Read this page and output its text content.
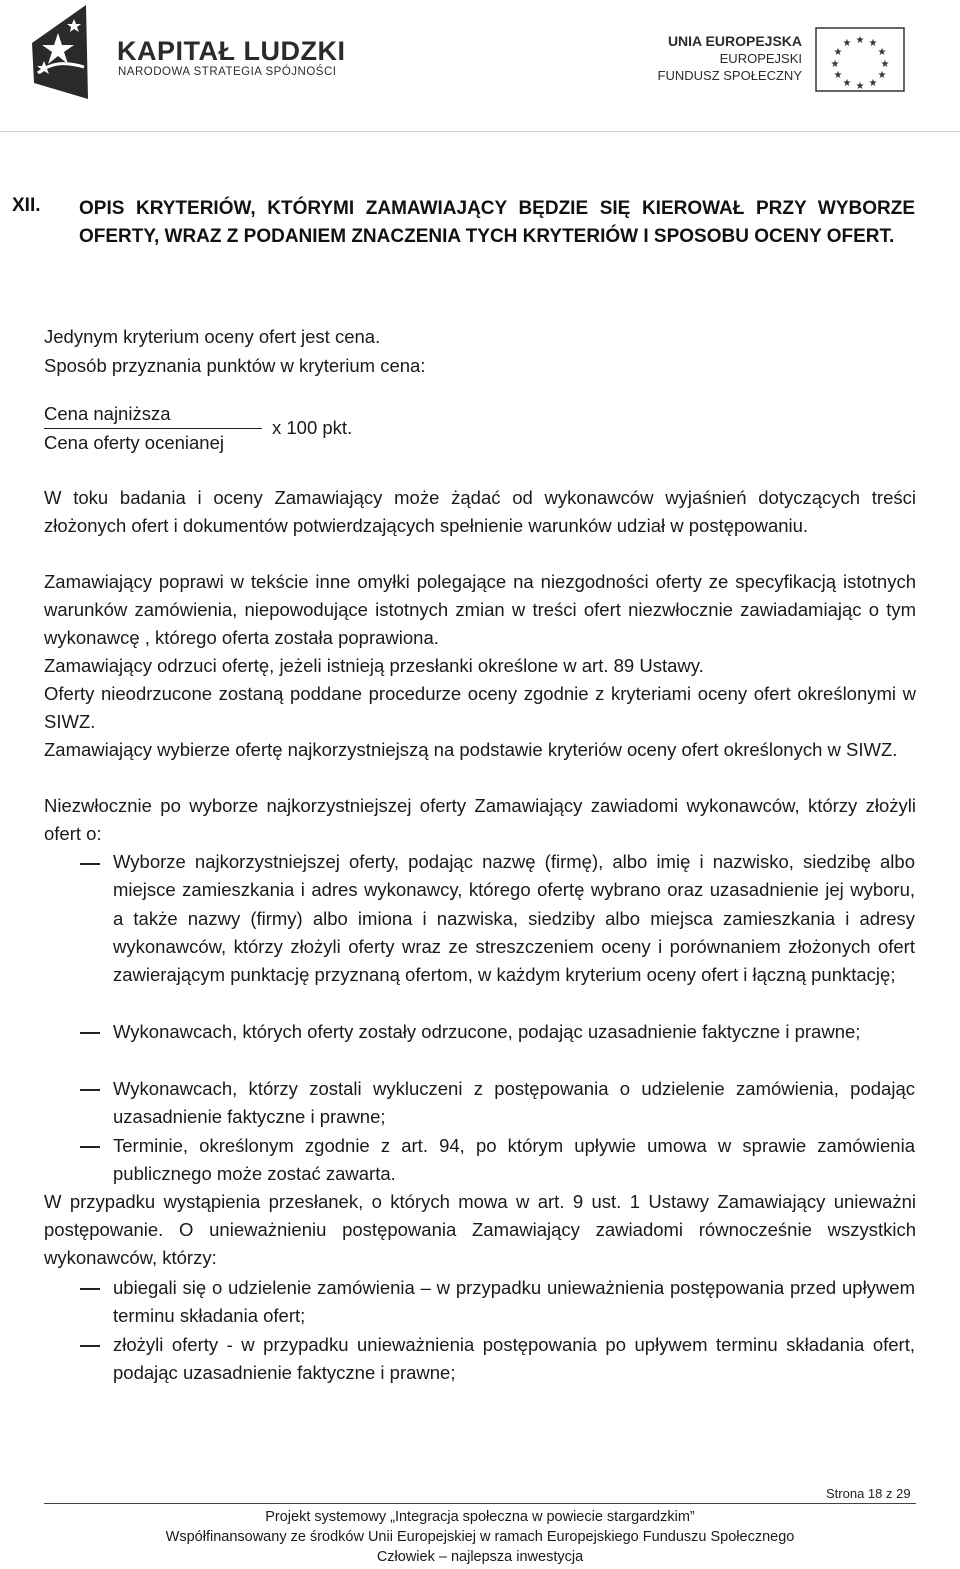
KAPITAŁ LUDZKI
NARODOWA STRATEGIA SPÓJNOŚCI
UNIA EUROPEJSKA
EUROPEJSKI
FUNDUSZ SPOŁECZNY
★ ★
★
★
★
★
★
★
★
★
★
★
XII. OPIS KRYTERIÓW, KTÓRYMI ZAMAWIAJĄCY BĘDZIE SIĘ KIEROWAŁ PRZY WYBORZE OFERTY, WRAZ Z PODANIEM ZNACZENIA TYCH KRYTERIÓW I SPOSOBU OCENY OFERT.
Jedynym kryterium oceny ofert jest cena.
Sposób przyznania punktów w kryterium cena:
Cena najniższa
Cena oferty ocenianej
x 100 pkt.
W toku badania i oceny Zamawiający może żądać od wykonawców wyjaśnień dotyczących treści złożonych ofert i dokumentów potwierdzających spełnienie warunków udział w postępowaniu.
Zamawiający poprawi w tekście inne omyłki polegające na niezgodności oferty ze specyfikacją istotnych warunków zamówienia, niepowodujące istotnych zmian w treści ofert niezwłocznie zawiadamiając o tym wykonawcę , którego oferta została poprawiona.
Zamawiający odrzuci ofertę, jeżeli istnieją przesłanki określone w art. 89 Ustawy.
Oferty nieodrzucone zostaną poddane procedurze oceny zgodnie z kryteriami oceny ofert określonymi w SIWZ.
Zamawiający wybierze ofertę najkorzystniejszą na podstawie kryteriów oceny ofert określonych w SIWZ.
Niezwłocznie po wyborze najkorzystniejszej oferty Zamawiający zawiadomi wykonawców, którzy złożyli ofert o:
Wyborze najkorzystniejszej oferty, podając nazwę (firmę), albo imię i nazwisko, siedzibę albo miejsce zamieszkania i adres wykonawcy, którego ofertę wybrano oraz uzasadnienie jej wyboru, a także nazwy (firmy) albo imiona i nazwiska, siedziby albo miejsca zamieszkania i adresy wykonawców, którzy złożyli oferty wraz ze streszczeniem oceny i porównaniem złożonych ofert zawierającym punktację przyznaną ofertom, w każdym kryterium oceny ofert i łączną punktację;
Wykonawcach, których oferty zostały odrzucone, podając uzasadnienie faktyczne i prawne;
Wykonawcach, którzy zostali wykluczeni z postępowania o udzielenie zamówienia, podając uzasadnienie faktyczne i prawne;
Terminie, określonym zgodnie z art. 94, po którym upływie umowa w sprawie zamówienia publicznego może zostać zawarta.
W przypadku wystąpienia przesłanek, o których mowa w art. 9 ust. 1 Ustawy Zamawiający unieważni postępowanie. O unieważnieniu postępowania Zamawiający zawiadomi równocześnie wszystkich wykonawców, którzy:
ubiegali się o udzielenie zamówienia – w przypadku unieważnienia postępowania przed upływem terminu składania ofert;
złożyli oferty - w przypadku unieważnienia postępowania po upływem terminu składania ofert, podając uzasadnienie faktyczne i prawne;
Strona 18 z 29
Projekt systemowy „Integracja społeczna w powiecie stargardzkim”
Współfinansowany ze środków Unii Europejskiej w ramach Europejskiego Funduszu Społecznego
Człowiek – najlepsza inwestycja
